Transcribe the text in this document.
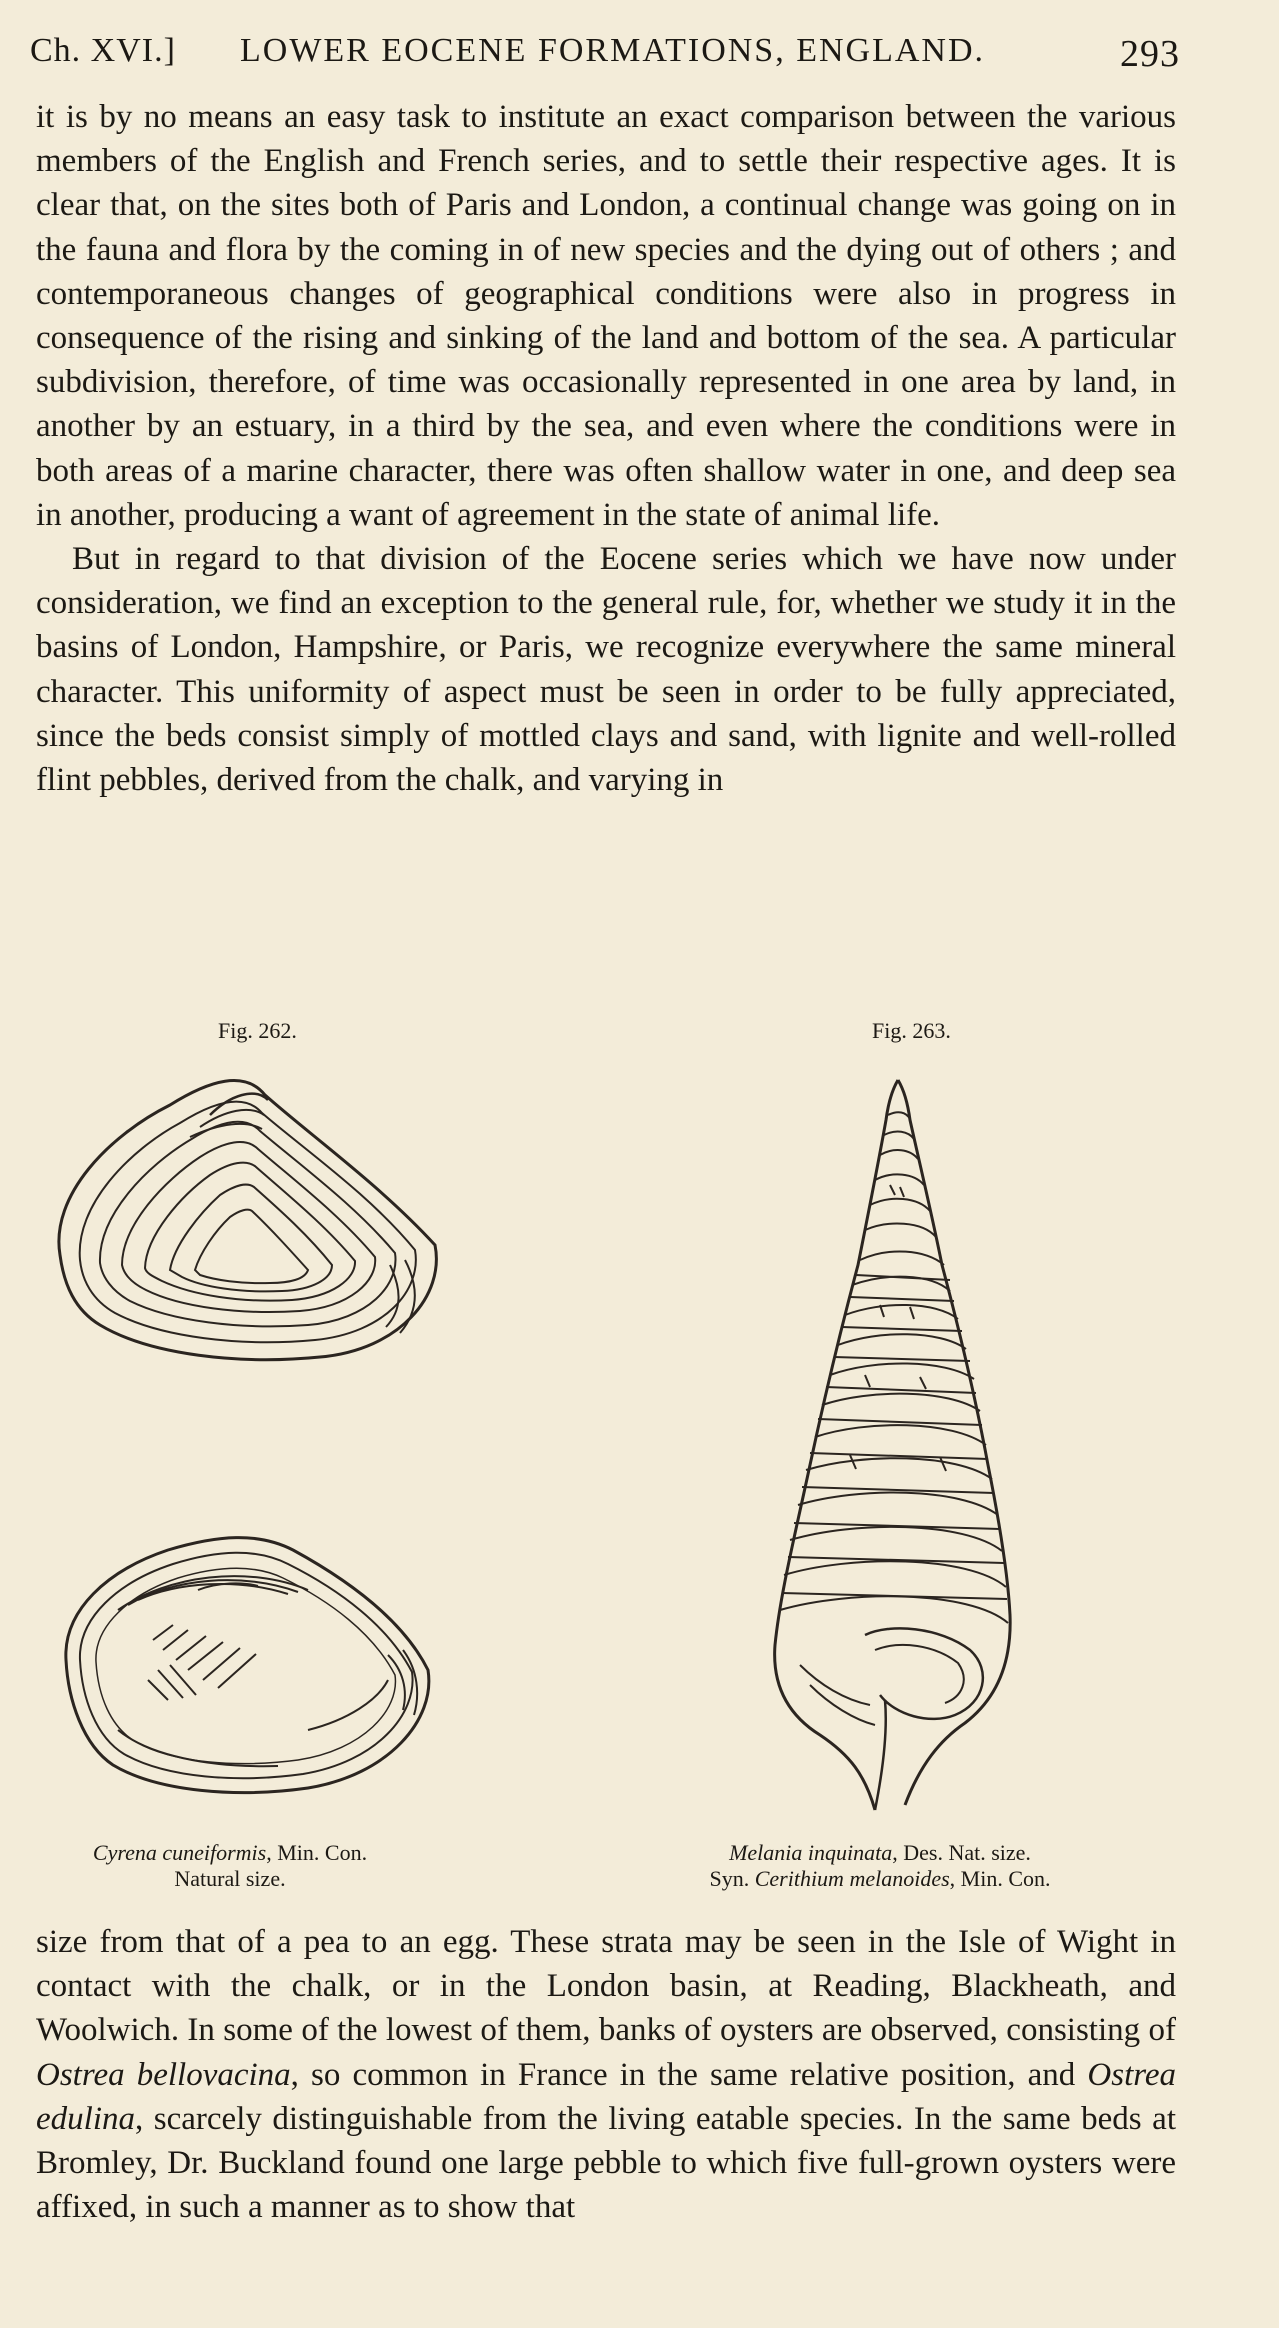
Ch. XVI.] LOWER EOCENE FORMATIONS, ENGLAND.	293

it is by no means an easy task to institute an exact comparison between the various members of the English and French series, and to settle their respective ages. It is clear that, on the sites both of Paris and London, a continual change was going on in the fauna and flora by the coming in of new species and the dying out of others ; and contemporaneous changes of geographical conditions were also in progress in consequence of the rising and sinking of the land and bottom of the sea. A particular subdivision, therefore, of time was occasionally represented in one area by land, in another by an estuary, in a third by the sea, and even where the conditions were in both areas of a marine character, there was often shallow water in one, and deep sea in another, producing a want of agreement in the state of animal life.

But in regard to that division of the Eocene series which we have now under consideration, we find an exception to the general rule, for, whether we study it in the basins of London, Hampshire, or Paris, we recognize everywhere the same mineral character. This uniformity of aspect must be seen in order to be fully appreciated, since the beds consist simply of mottled clays and sand, with lignite and well-rolled flint pebbles, derived from the chalk, and varying in

Fig. 262.
Cyrena cuneiformis, Min. Con.
Natural size.
Fig. 263.
Melania inquinata, Des. Nat. size.
Syn. Cerithium melanoides, Min. Con.

size from that of a pea to an egg. These strata may be seen in the Isle of Wight in contact with the chalk, or in the London basin, at Reading, Blackheath, and Woolwich. In some of the lowest of them, banks of oysters are observed, consisting of Ostrea bellovacina, so common in France in the same relative position, and Ostrea edulina, scarcely distinguishable from the living eatable species. In the same beds at Bromley, Dr. Buckland found one large pebble to which five full-grown oysters were affixed, in such a manner as to show that
